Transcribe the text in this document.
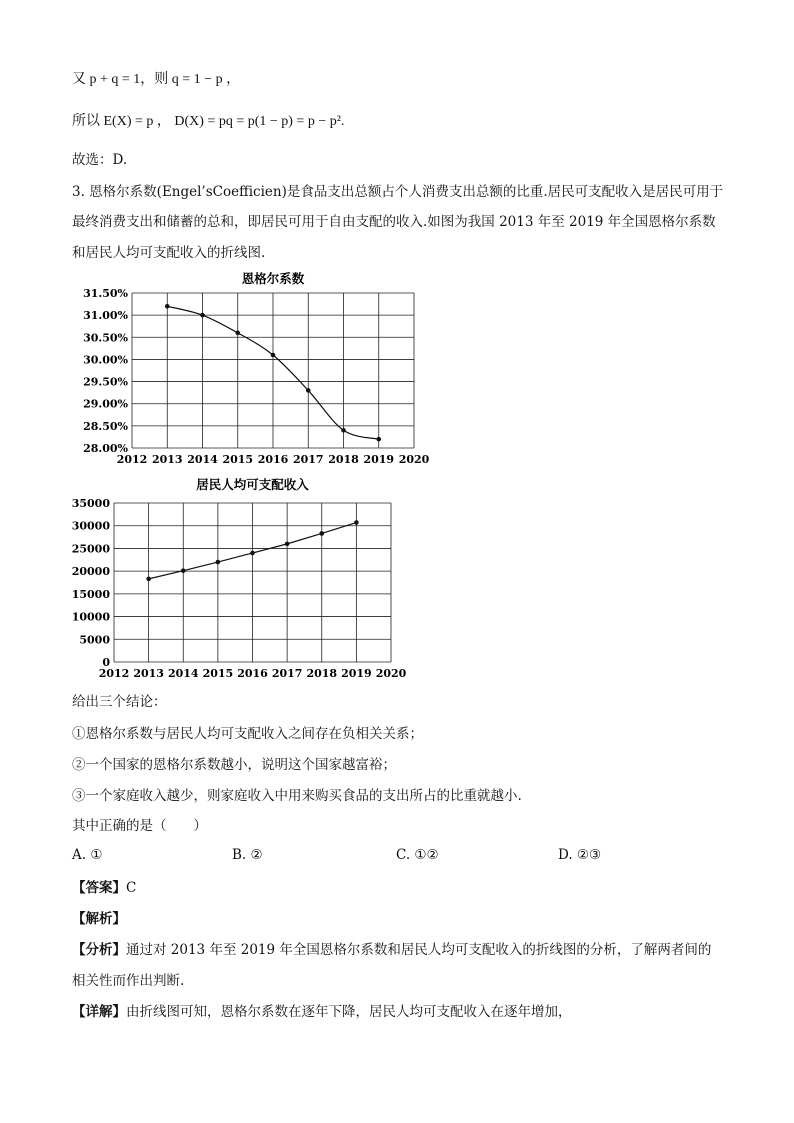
又 p + q = 1，则 q = 1 − p ，
所以 E(X) = p ， D(X) = pq = p(1 − p) = p − p².
故选：D.
3. 恩格尔系数(Engel’sCoefficien)是食品支出总额占个人消费支出总额的比重.居民可支配收入是居民可用于
最终消费支出和储蓄的总和，即居民可用于自由支配的收入.如图为我国 2013 年至 2019 年全国恩格尔系数
和居民人均可支配收入的折线图.
恩格尔系数
2012 2013 2014 2015 2016 2017 2018 2019 2020
28.00%
28.50%
29.00%
29.50%
30.00%
30.50%
31.00%
31.50%
居民人均可支配收入
2012 2013 2014 2015 2016 2017 2018 2019 2020
0
5000
10000
15000
20000
25000
30000
35000
给出三个结论：
①恩格尔系数与居民人均可支配收入之间存在负相关关系；
②一个国家的恩格尔系数越小，说明这个国家越富裕；
③一个家庭收入越少，则家庭收入中用来购买食品的支出所占的比重就越小.
其中正确的是（　　）
A. ①	B. ②	C. ①②	D. ②③
【答案】C
【解析】
【分析】通过对 2013 年至 2019 年全国恩格尔系数和居民人均可支配收入的折线图的分析，了解两者间的
相关性而作出判断.
【详解】由折线图可知，恩格尔系数在逐年下降，居民人均可支配收入在逐年增加，
